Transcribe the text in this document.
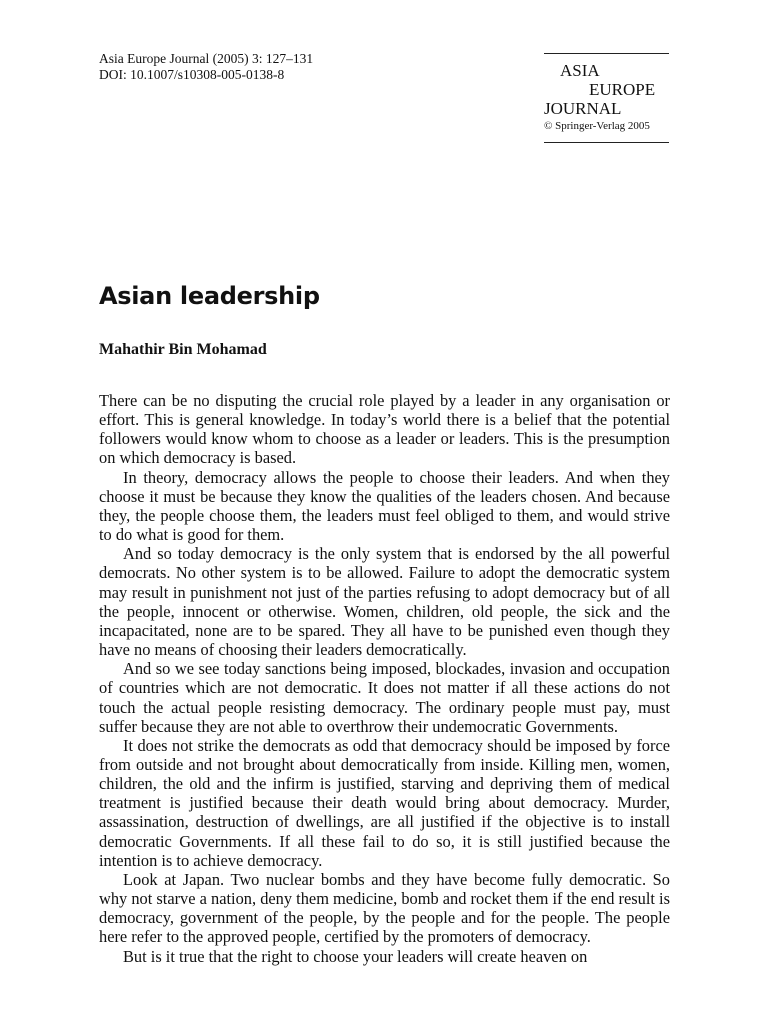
Asia Europe Journal (2005) 3: 127–131
DOI: 10.1007/s10308-005-0138-8	ASIA
EUROPE
JOURNAL
© Springer-Verlag 2005
Asian leadership
Mahathir Bin Mohamad

There can be no disputing the crucial role played by a leader in any organisation or effort. This is general knowledge. In today’s world there is a belief that the potential followers would know whom to choose as a leader or leaders. This is the presumption on which democracy is based.

In theory, democracy allows the people to choose their leaders. And when they choose it must be because they know the qualities of the leaders chosen. And because they, the people choose them, the leaders must feel obliged to them, and would strive to do what is good for them.

And so today democracy is the only system that is endorsed by the all powerful democrats. No other system is to be allowed. Failure to adopt the democratic system may result in punishment not just of the parties refusing to adopt democracy but of all the people, innocent or otherwise. Women, children, old people, the sick and the incapacitated, none are to be spared. They all have to be punished even though they have no means of choosing their leaders democratically.

And so we see today sanctions being imposed, blockades, invasion and occupation of countries which are not democratic. It does not matter if all these actions do not touch the actual people resisting democracy. The ordinary people must pay, must suffer because they are not able to overthrow their undemocratic Governments.

It does not strike the democrats as odd that democracy should be imposed by force from outside and not brought about democratically from inside. Killing men, women, children, the old and the infirm is justified, starving and depriving them of medical treatment is justified because their death would bring about democracy. Murder, assassination, destruction of dwellings, are all justified if the objective is to install democratic Governments. If all these fail to do so, it is still justified because the intention is to achieve democracy.

Look at Japan. Two nuclear bombs and they have become fully democratic. So why not starve a nation, deny them medicine, bomb and rocket them if the end result is democracy, government of the people, by the people and for the people. The people here refer to the approved people, certified by the promoters of democracy.

But is it true that the right to choose your leaders will create heaven on
